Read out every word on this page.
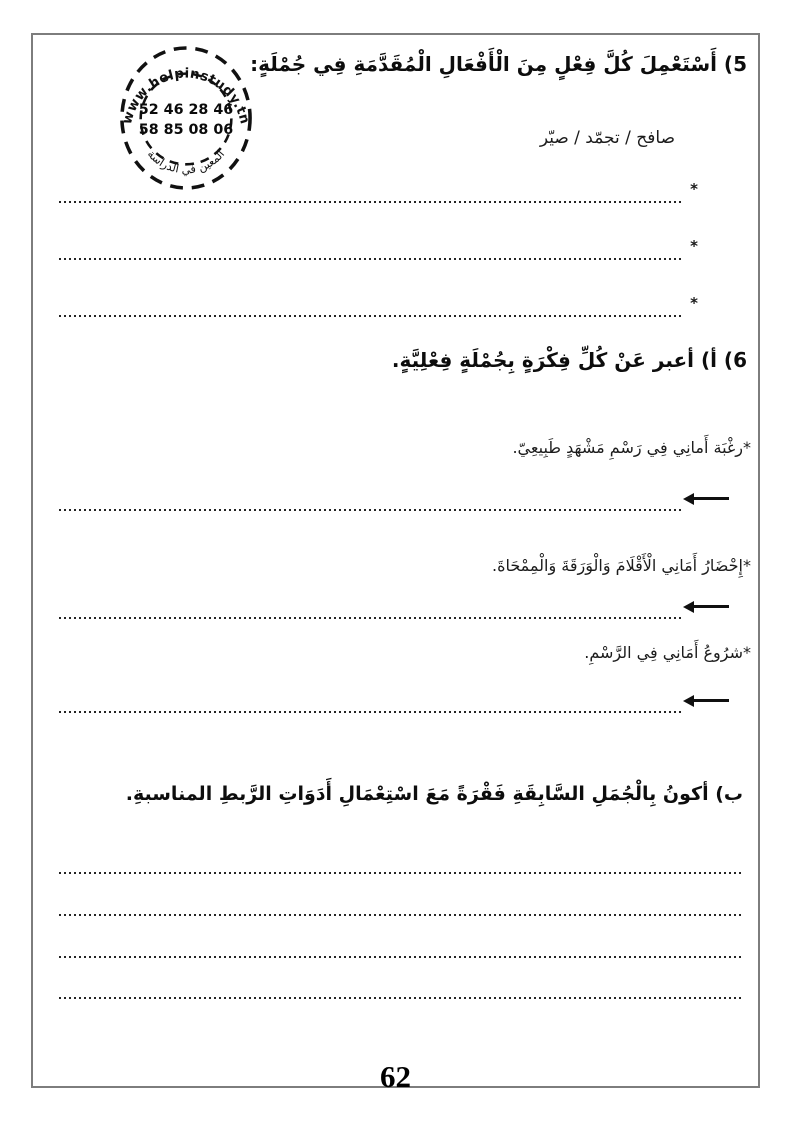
www.helpinstudy.tn
52 46 28 46
58 85 08 06
المعين في الدراسة
5) أَسْتَعْمِلَ كُلَّ فِعْلٍ مِنَ الْأَفْعَالِ الْمُقَدَّمَةِ فِي جُمْلَةٍ:
صافح / تجمّد / صيّر
*
*
*
6) أ) أعبر عَنْ كُلِّ فِكْرَةٍ بِجُمْلَةٍ فِعْلِيَّةٍ.
*رغْبَة أَمانِي فِي رَسْمِ مَشْهَدٍ طَبِيعِيّ.
*إِحْضَارُ أَمَانِي الْأَقْلَامَ وَالْوَرَقَةَ وَالْمِمْحَاةَ.
*شرُوعُ أَمَانِي فِي الرَّسْمِ.
ب) أكونُ بِالْجُمَلِ السَّابِقَةِ فَقْرَةً مَعَ اسْتِعْمَالِ أَدَوَاتِ الرَّبطِ المناسبةِ.
62
